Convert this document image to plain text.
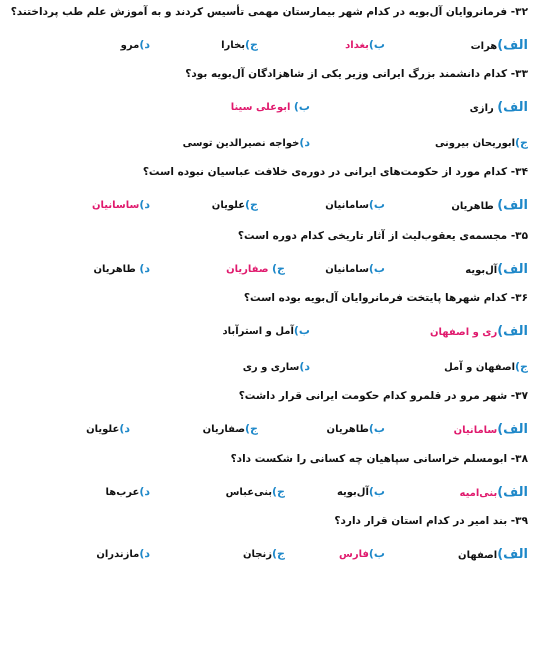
۳۲- فرمانروایان آل‌بویه در کدام شهر بیمارستان مهمی تأسیس کردند و به آموزش علم طب پرداختند؟
الف)هرات
ب)بغداد
ج)بخارا
د)مرو
۳۳- کدام دانشمند بزرگ ایرانی وزیر یکی از شاهزادگان آل‌بویه بود؟
الف) رازی
ب) ابوعلی سینا
ج)ابوریحان بیرونی
د)خواجه نصیرالدین توسی
۳۴- کدام مورد از حکومت‌های ایرانی در دوره‌ی خلافت عباسیان نبوده است؟
الف) طاهریان
ب)سامانیان
ج)علویان
د)ساسانیان
۳۵- مجسمه‌ی یعقوب‌لیث از آثار تاریخی کدام دوره است؟
الف)آل‌بویه
ب)سامانیان
ج) صفاریان
د) طاهریان
۳۶- کدام شهرها پایتخت فرمانروایان آل‌بویه بوده است؟
الف)ری و اصفهان
ب)آمل و استرآباد
ج)اصفهان و آمل
د)ساری و ری
۳۷- شهر مرو در قلمرو کدام حکومت ایرانی قرار داشت؟
الف)سامانیان
ب)طاهریان
ج)صفاریان
د)علویان
۳۸- ابومسلم خراسانی سپاهیان چه کسانی را شکست داد؟
الف)بنی‌امیه
ب)آل‌بویه
ج)بنی‌عباس
د)عرب‌ها
۳۹- بند امیر در کدام استان قرار دارد؟
الف)اصفهان
ب)فارس
ج)زنجان
د)مازندران
